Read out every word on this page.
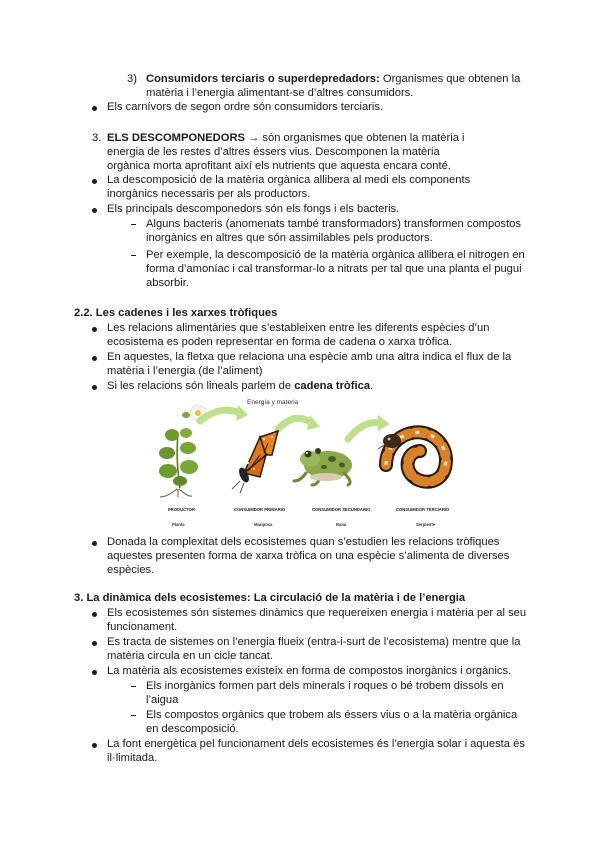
3) Consumidors terciaris o superdepredadors: Organismes que obtenen la
matèria i l’energia alimentant-se d’altres consumidors.
Els carnívors de segon ordre són consumidors terciaris.
3. ELS DESCOMPONEDORS → són organismes que obtenen la matèria i
energia de les restes d’altres éssers vius. Descomponen la matèria
orgànica morta aprofitant així els nutrients que aquesta encara conté.
La descomposició de la matèria orgànica allibera al medi els components
inorgànics necessaris per als productors.
Els principals descomponedors són els fongs i els bacteris.
Alguns bacteris (anomenats també transformadors) transformen compostos
inorgànics en altres que són assimilables pels productors.
Per exemple, la descomposició de la matèria orgànica allibera el nitrogen en
forma d’amoníac i cal transformar-lo a nitrats per tal que una planta el pugui
absorbir.
2.2. Les cadenes i les xarxes tròfiques
Les relacions alimentàries que s’estableixen entre les diferents espècies d’un
ecosistema es poden representar en forma de cadena o xarxa tròfica.
En aquestes, la fletxa que relaciona una espècie amb una altra indica el flux de la
matèria i l’energia (de l’aliment)
Si les relacions són lineals parlem de cadena tròfica.
Energía y materia
PRODUCTOR
Planta
CONSUMIDOR PRIMARIO
Mariposa
CONSUMIDOR SECUNDARIO
Rana
CONSUMIDOR TERCIARIO
Serpiente
Donada la complexitat dels ecosistemes quan s’estudien les relacions tròfiques
aquestes presenten forma de xarxa tròfica on una espècie s’alimenta de diverses
espècies.
3. La dinàmica dels ecosistemes: La circulació de la matèria i de l’energia
Els ecosistemes són sistemes dinàmics que requereixen energia i matèria per al seu
funcionament.
Es tracta de sistemes on l’energia flueix (entra-i-surt de l’ecosistema) mentre que la
matèria circula en un cicle tancat.
La matèria als ecosistemes existeix en forma de compostos inorgànics i orgànics.
Els inorgànics formen part dels minerals i roques o bé trobem dissols en
l’aigua
Els compostos orgànics que trobem als éssers vius o a la matèria orgànica
en descomposició.
La font energètica pel funcionament dels ecosistemes és l’energia solar i aquesta és
il·limitada.
